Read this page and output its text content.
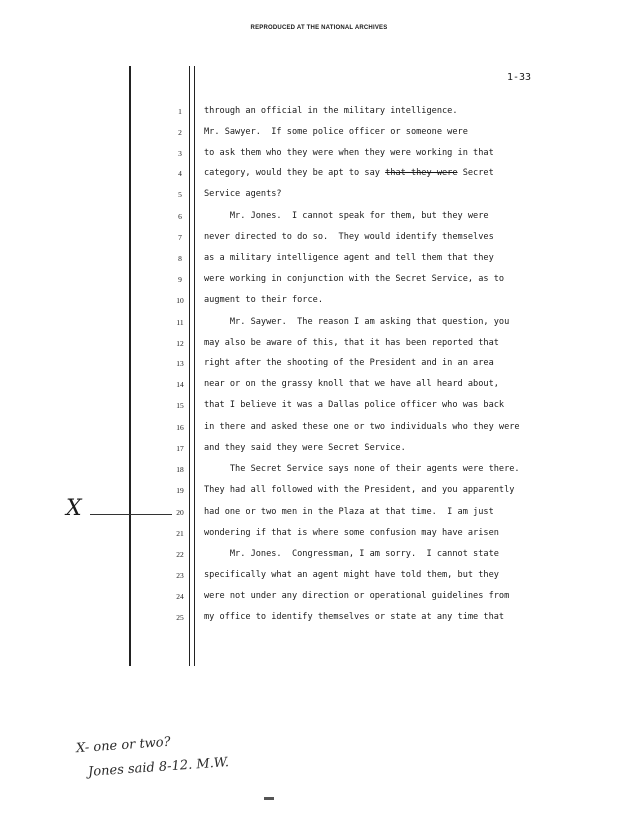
REPRODUCED AT THE NATIONAL ARCHIVES
1-33
X
1	through an official in the military intelligence.
2	Mr. Sawyer.  If some police officer or someone were
3	to ask them who they were when they were working in that
4	category, would they be apt to say that they were Secret
5	Service agents?
6	Mr. Jones.  I cannot speak for them, but they were
7	never directed to do so.  They would identify themselves
8	as a military intelligence agent and tell them that they
9	were working in conjunction with the Secret Service, as to
10	augment to their force.
11	Mr. Saywer.  The reason I am asking that question, you
12	may also be aware of this, that it has been reported that
13	right after the shooting of the President and in an area
14	near or on the grassy knoll that we have all heard about,
15	that I believe it was a Dallas police officer who was back
16	in there and asked these one or two individuals who they were
17	and they said they were Secret Service.
18	The Secret Service says none of their agents were there.
19	They had all followed with the President, and you apparently
20	had one or two men in the Plaza at that time.  I am just
21	wondering if that is where some confusion may have arisen
22	Mr. Jones.  Congressman, I am sorry.  I cannot state
23	specifically what an agent might have told them, but they
24	were not under any direction or operational guidelines from
25	my office to identify themselves or state at any time that
X- one or two?
Jones said 8-12. M.W.
